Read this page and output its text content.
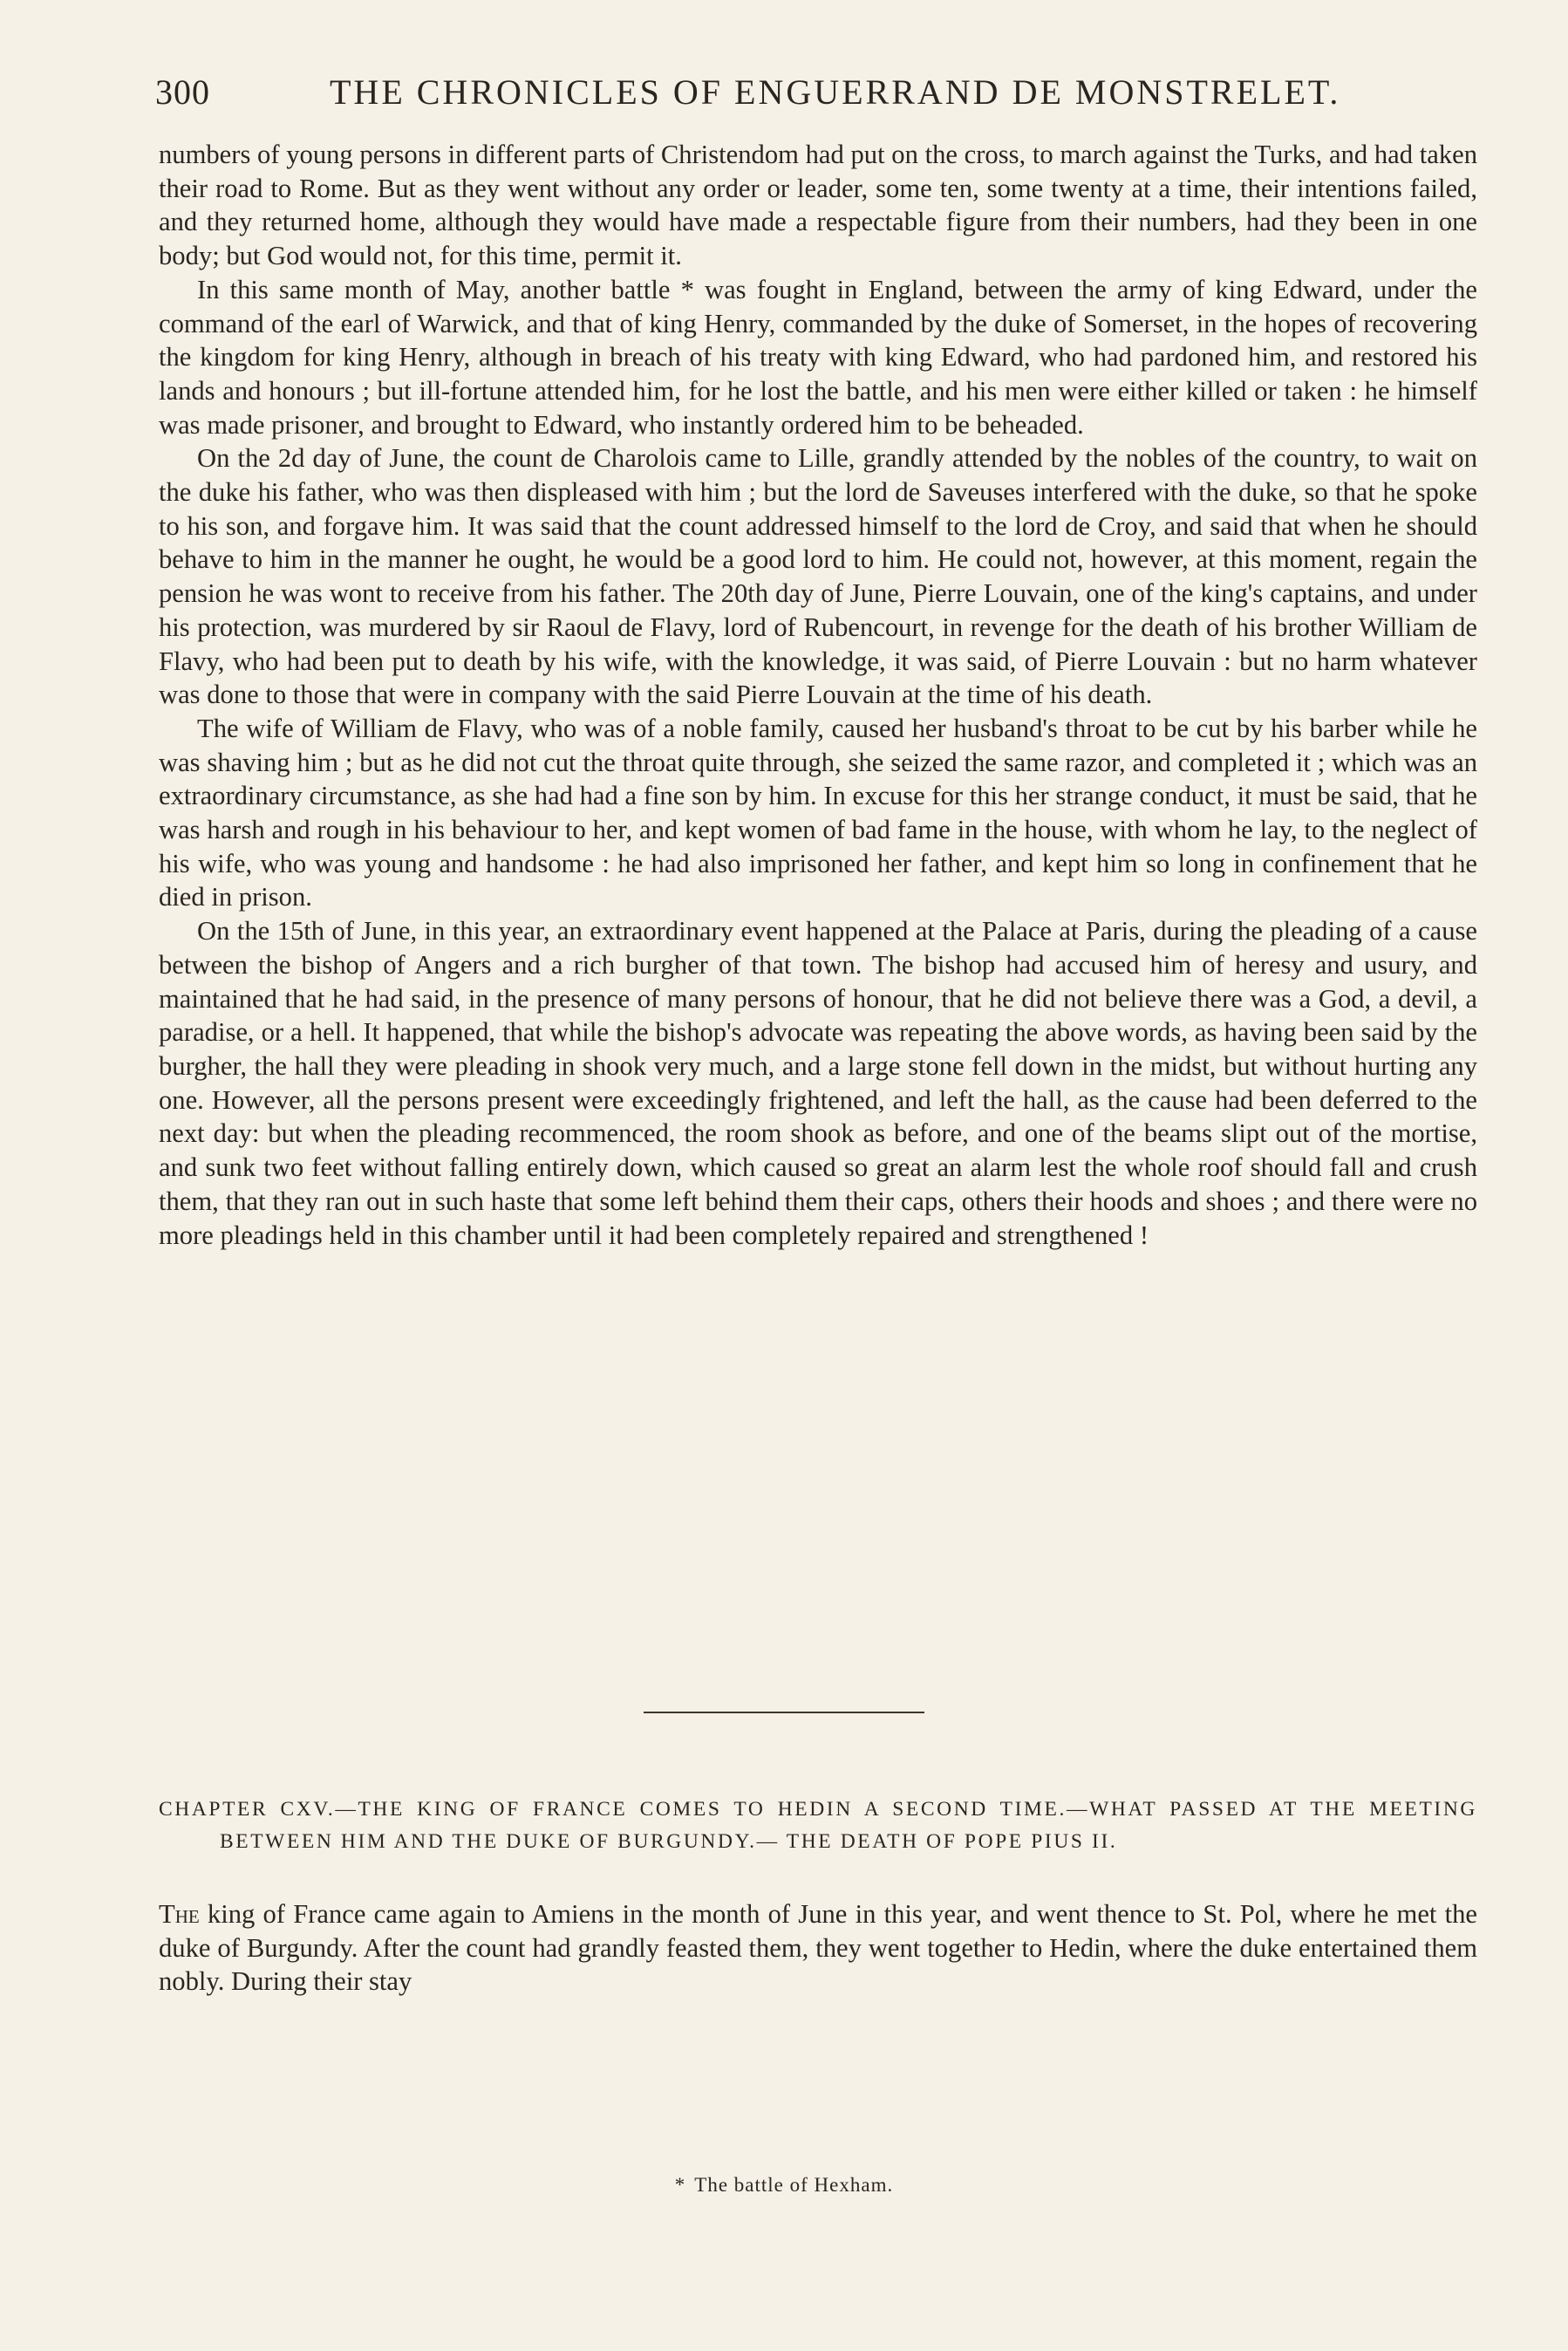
300	THE CHRONICLES OF ENGUERRAND DE MONSTRELET.

numbers of young persons in different parts of Christendom had put on the cross, to march against the Turks, and had taken their road to Rome. But as they went without any order or leader, some ten, some twenty at a time, their intentions failed, and they returned home, although they would have made a respectable figure from their numbers, had they been in one body; but God would not, for this time, permit it.

In this same month of May, another battle * was fought in England, between the army of king Edward, under the command of the earl of Warwick, and that of king Henry, commanded by the duke of Somerset, in the hopes of recovering the kingdom for king Henry, although in breach of his treaty with king Edward, who had pardoned him, and restored his lands and honours ; but ill-fortune attended him, for he lost the battle, and his men were either killed or taken : he himself was made prisoner, and brought to Edward, who instantly ordered him to be beheaded.

On the 2d day of June, the count de Charolois came to Lille, grandly attended by the nobles of the country, to wait on the duke his father, who was then displeased with him ; but the lord de Saveuses interfered with the duke, so that he spoke to his son, and forgave him. It was said that the count addressed himself to the lord de Croy, and said that when he should behave to him in the manner he ought, he would be a good lord to him. He could not, however, at this moment, regain the pension he was wont to receive from his father. The 20th day of June, Pierre Louvain, one of the king's captains, and under his protection, was murdered by sir Raoul de Flavy, lord of Rubencourt, in revenge for the death of his brother William de Flavy, who had been put to death by his wife, with the knowledge, it was said, of Pierre Louvain : but no harm whatever was done to those that were in company with the said Pierre Louvain at the time of his death.

The wife of William de Flavy, who was of a noble family, caused her husband's throat to be cut by his barber while he was shaving him ; but as he did not cut the throat quite through, she seized the same razor, and completed it ; which was an extraordinary circumstance, as she had had a fine son by him. In excuse for this her strange conduct, it must be said, that he was harsh and rough in his behaviour to her, and kept women of bad fame in the house, with whom he lay, to the neglect of his wife, who was young and handsome : he had also imprisoned her father, and kept him so long in confinement that he died in prison.

On the 15th of June, in this year, an extraordinary event happened at the Palace at Paris, during the pleading of a cause between the bishop of Angers and a rich burgher of that town. The bishop had accused him of heresy and usury, and maintained that he had said, in the presence of many persons of honour, that he did not believe there was a God, a devil, a paradise, or a hell. It happened, that while the bishop's advocate was repeating the above words, as having been said by the burgher, the hall they were pleading in shook very much, and a large stone fell down in the midst, but without hurting any one. However, all the persons present were exceedingly frightened, and left the hall, as the cause had been deferred to the next day: but when the pleading recommenced, the room shook as before, and one of the beams slipt out of the mortise, and sunk two feet without falling entirely down, which caused so great an alarm lest the whole roof should fall and crush them, that they ran out in such haste that some left behind them their caps, others their hoods and shoes ; and there were no more pleadings held in this chamber until it had been completely repaired and strengthened !

CHAPTER CXV.—THE KING OF FRANCE COMES TO HEDIN A SECOND TIME.—WHAT PASSED AT THE MEETING BETWEEN HIM AND THE DUKE OF BURGUNDY.— THE DEATH OF POPE PIUS II.

The king of France came again to Amiens in the month of June in this year, and went thence to St. Pol, where he met the duke of Burgundy. After the count had grandly feasted them, they went together to Hedin, where the duke entertained them nobly. During their stay

* The battle of Hexham.
